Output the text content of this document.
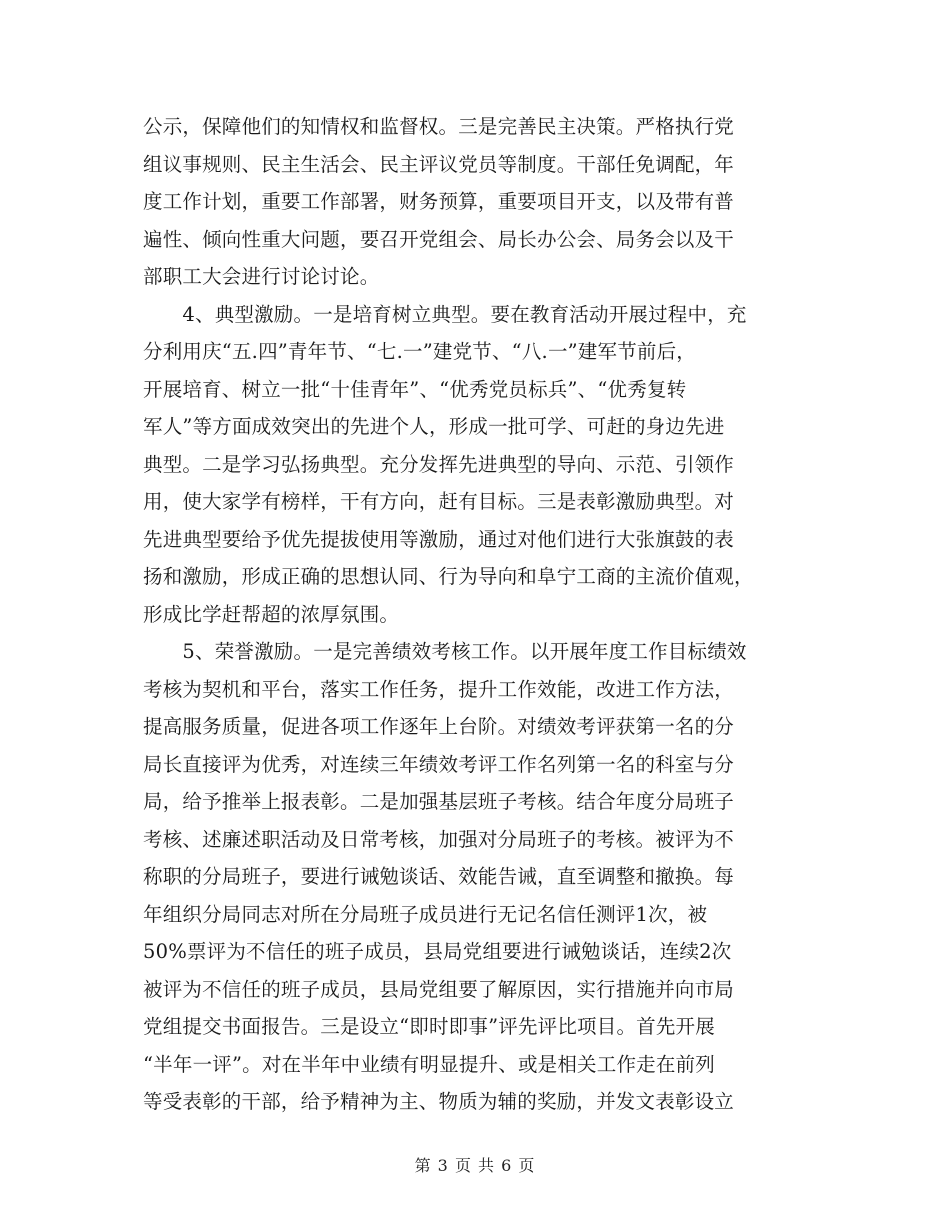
公示，保障他们的知情权和监督权。三是完善民主决策。严格执行党
组议事规则、民主生活会、民主评议党员等制度。干部任免调配，年
度工作计划，重要工作部署，财务预算，重要项目开支，以及带有普
遍性、倾向性重大问题，要召开党组会、局长办公会、局务会以及干
部职工大会进行讨论讨论。
　　4、典型激励。一是培育树立典型。要在教育活动开展过程中，充
分利用庆“五.四”青年节、“七.一”建党节、“八.一”建军节前后，
开展培育、树立一批“十佳青年”、“优秀党员标兵”、“优秀复转
军人”等方面成效突出的先进个人，形成一批可学、可赶的身边先进
典型。二是学习弘扬典型。充分发挥先进典型的导向、示范、引领作
用，使大家学有榜样，干有方向，赶有目标。三是表彰激励典型。对
先进典型要给予优先提拔使用等激励，通过对他们进行大张旗鼓的表
扬和激励，形成正确的思想认同、行为导向和阜宁工商的主流价值观，
形成比学赶帮超的浓厚氛围。
　　5、荣誉激励。一是完善绩效考核工作。以开展年度工作目标绩效
考核为契机和平台，落实工作任务，提升工作效能，改进工作方法，
提高服务质量，促进各项工作逐年上台阶。对绩效考评获第一名的分
局长直接评为优秀，对连续三年绩效考评工作名列第一名的科室与分
局，给予推举上报表彰。二是加强基层班子考核。结合年度分局班子
考核、述廉述职活动及日常考核，加强对分局班子的考核。被评为不
称职的分局班子，要进行诫勉谈话、效能告诫，直至调整和撤换。每
年组织分局同志对所在分局班子成员进行无记名信任测评1次，被
50%票评为不信任的班子成员，县局党组要进行诫勉谈话，连续2次
被评为不信任的班子成员，县局党组要了解原因，实行措施并向市局
党组提交书面报告。三是设立“即时即事”评先评比项目。首先开展
“半年一评”。对在半年中业绩有明显提升、或是相关工作走在前列
等受表彰的干部，给予精神为主、物质为辅的奖励，并发文表彰设立
第 3 页 共 6 页
